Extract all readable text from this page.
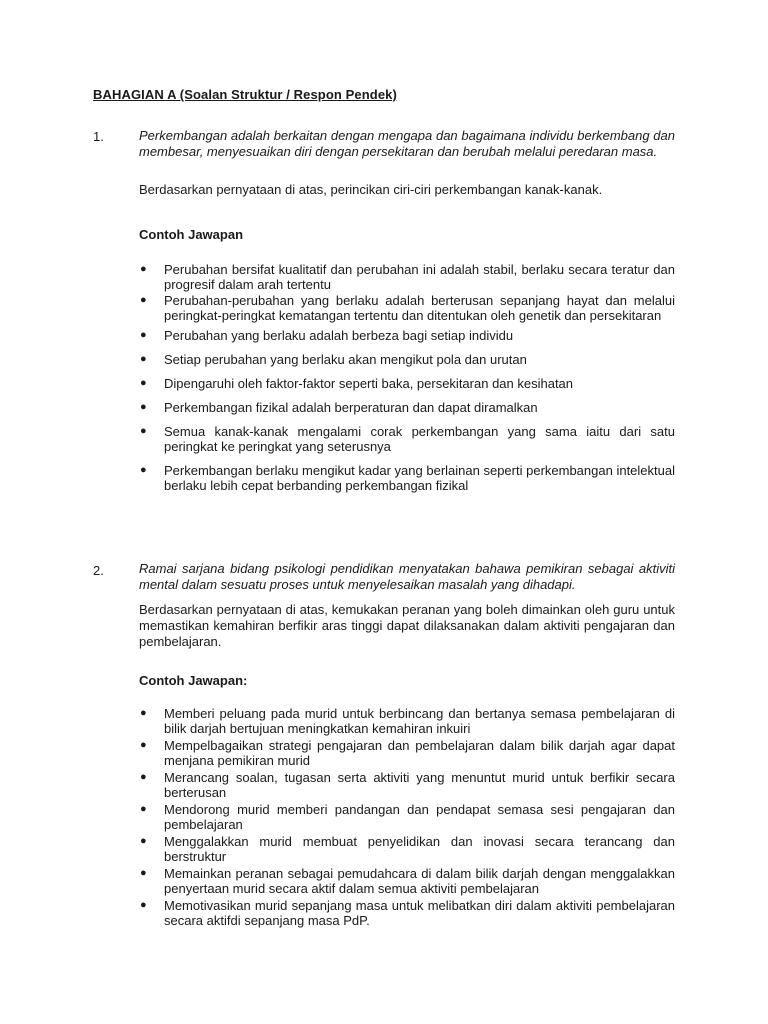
BAHAGIAN A (Soalan Struktur / Respon Pendek)
1.	Perkembangan adalah berkaitan dengan mengapa dan bagaimana individu berkembang dan membesar, menyesuaikan diri dengan persekitaran dan berubah melalui peredaran masa.
Berdasarkan pernyataan di atas, perincikan ciri-ciri perkembangan kanak-kanak.
Contoh Jawapan
● Perubahan bersifat kualitatif dan perubahan ini adalah stabil, berlaku secara teratur dan progresif dalam arah tertentu
● Perubahan-perubahan yang berlaku adalah berterusan sepanjang hayat dan melalui peringkat-peringkat kematangan tertentu dan ditentukan oleh genetik dan persekitaran
● Perubahan yang berlaku adalah berbeza bagi setiap individu
● Setiap perubahan yang berlaku akan mengikut pola dan urutan
● Dipengaruhi oleh faktor-faktor seperti baka, persekitaran dan kesihatan
● Perkembangan fizikal adalah berperaturan dan dapat diramalkan
● Semua kanak-kanak mengalami corak perkembangan yang sama iaitu dari satu peringkat ke peringkat yang seterusnya
● Perkembangan berlaku mengikut kadar yang berlainan seperti perkembangan intelektual berlaku lebih cepat berbanding perkembangan fizikal
2.	Ramai sarjana bidang psikologi pendidikan menyatakan bahawa pemikiran sebagai aktiviti mental dalam sesuatu proses untuk menyelesaikan masalah yang dihadapi.
Berdasarkan pernyataan di atas, kemukakan peranan yang boleh dimainkan oleh guru untuk memastikan kemahiran berfikir aras tinggi dapat dilaksanakan dalam aktiviti pengajaran dan pembelajaran.
Contoh Jawapan:
● Memberi peluang pada murid untuk berbincang dan bertanya semasa pembelajaran di bilik darjah bertujuan meningkatkan kemahiran inkuiri
● Mempelbagaikan strategi pengajaran dan pembelajaran dalam bilik darjah agar dapat menjana pemikiran murid
● Merancang soalan, tugasan serta aktiviti yang menuntut murid untuk berfikir secara berterusan
● Mendorong murid memberi pandangan dan pendapat semasa sesi pengajaran dan pembelajaran
● Menggalakkan murid membuat penyelidikan dan inovasi secara terancang dan berstruktur
● Memainkan peranan sebagai pemudahcara di dalam bilik darjah dengan menggalakkan penyertaan murid secara aktif dalam semua aktiviti pembelajaran
● Memotivasikan murid sepanjang masa untuk melibatkan diri dalam aktiviti pembelajaran secara aktifdi sepanjang masa PdP.
